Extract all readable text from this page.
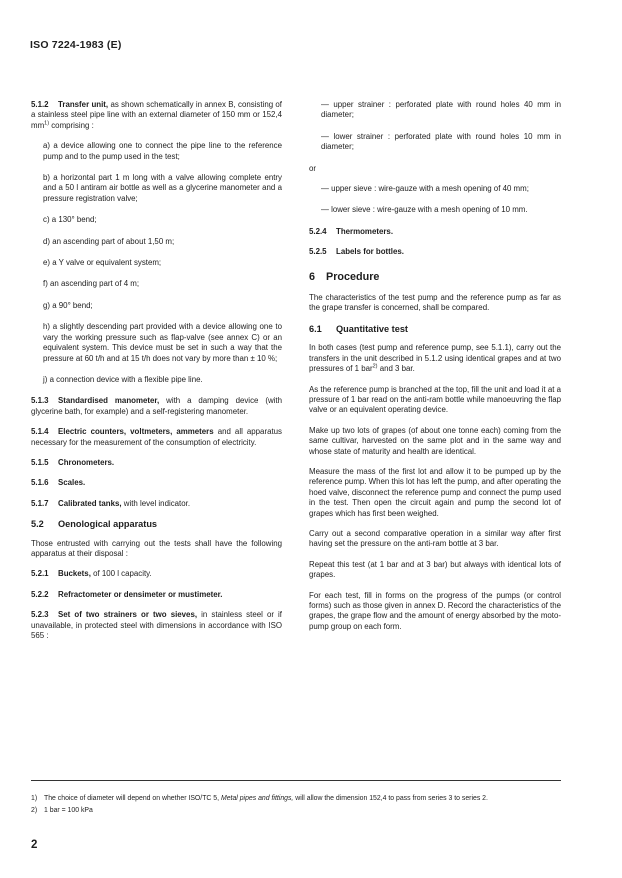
ISO 7224-1983 (E)

5.1.2 Transfer unit, as shown schematically in annex B, consisting of a stainless steel pipe line with an external diameter of 150 mm or 152,4 $mm^{1)}$ comprising :

a) a device allowing one to connect the pipe line to the reference pump and to the pump used in the test;

b) a horizontal part 1 m long with a valve allowing complete entry and a 50 l antiram air bottle as well as a glycerine manometer and a pressure registration valve;

c) a 130° bend;

d) an ascending part of about 1,50 m;

e) a Y valve or equivalent system;

f) an ascending part of 4 m;

g) a 90° bend;

h) a slightly descending part provided with a device allowing one to vary the working pressure such as flap-valve (see annex C) or an equivalent system. This device must be set in such a way that the pressure at 60 t/h and at 15 t/h does not vary by more than ± 10 %;

j) a connection device with a flexible pipe line.

5.1.3 Standardised manometer, with a damping device (with glycerine bath, for example) and a self-registering manometer.

5.1.4 Electric counters, voltmeters, ammeters and all apparatus necessary for the measurement of the consumption of electricity.

5.1.5 Chronometers.

5.1.6 Scales.

5.1.7 Calibrated tanks, with level indicator.

5.2 Oenological apparatus

Those entrusted with carrying out the tests shall have the following apparatus at their disposal :

5.2.1 Buckets, of 100 l capacity.

5.2.2 Refractometer or densimeter or mustimeter.

5.2.3 Set of two strainers or two sieves, in stainless steel or if unavailable, in protected steel with dimensions in accordance with ISO 565 :

— upper strainer : perforated plate with round holes 40 mm in diameter;

— lower strainer : perforated plate with round holes 10 mm in diameter;

or

— upper sieve : wire-gauze with a mesh opening of 40 mm;

— lower sieve : wire-gauze with a mesh opening of 10 mm.

5.2.4 Thermometers.

5.2.5 Labels for bottles.

6 Procedure

The characteristics of the test pump and the reference pump as far as the grape transfer is concerned, shall be compared.

6.1 Quantitative test

In both cases (test pump and reference pump, see 5.1.1), carry out the transfers in the unit described in 5.1.2 using identical grapes and at two pressures of 1 bar$^{2)}$ and 3 bar.

As the reference pump is branched at the top, fill the unit and load it at a pressure of 1 bar read on the anti-ram bottle while manoeuvring the flap valve or an equivalent operating device.

Make up two lots of grapes (of about one tonne each) coming from the same cultivar, harvested on the same plot and in the same way and whose state of maturity and health are identical.

Measure the mass of the first lot and allow it to be pumped up by the reference pump. When this lot has left the pump, and after operating the hoed valve, disconnect the reference pump and connect the pump used in the test. Then open the circuit again and pump the second lot of grapes which has first been weighed.

Carry out a second comparative operation in a similar way after first having set the pressure on the anti-ram bottle at 3 bar.

Repeat this test (at 1 bar and at 3 bar) but always with identical lots of grapes.

For each test, fill in forms on the progress of the pumps (or control forms) such as those given in annex D. Record the characteristics of the grapes, the grape flow and the amount of energy absorbed by the moto-pump group on each form.

1) The choice of diameter will depend on whether ISO/TC 5, Metal pipes and fittings, will allow the dimension 152,4 to pass from series 3 to series 2.
2) 1 bar = 100 kPa
2
